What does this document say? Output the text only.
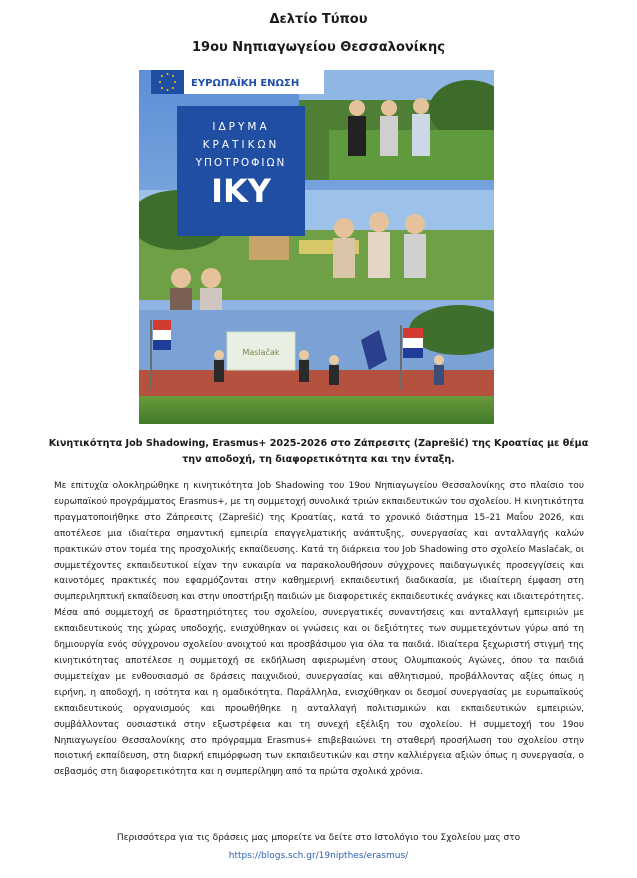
Δελτίο Τύπου
19ου Νηπιαγωγείου Θεσσαλονίκης
Maslačak
ΕΥΡΩΠΑΪΚΗ ΕΝΩΣΗ
ΙΔΡΥΜΑ
ΚΡΑΤΙΚΩΝ
ΥΠΟΤΡΟΦΙΩΝ
IKY
Κινητικότητα Job Shadowing, Erasmus+ 2025-2026 στο Ζάπρεσιτς (Zaprešić) της Κροατίας με θέμα την αποδοχή, τη διαφορετικότητα και την ένταξη.

Με επιτυχία ολοκληρώθηκε η κινητικότητα Job Shadowing του 19ου Νηπιαγωγείου Θεσσαλονίκης στο πλαίσιο του ευρωπαϊκού προγράμματος Erasmus+, με τη συμμετοχή συνολικά τριών εκπαιδευτικών του σχολείου. Η κινητικότητα πραγματοποιήθηκε στο Ζάπρεσιτς (Zaprešić) της Κροατίας, κατά το χρονικό διάστημα 15–21 Μαΐου 2026, και αποτέλεσε μια ιδιαίτερα σημαντική εμπειρία επαγγελματικής ανάπτυξης, συνεργασίας και ανταλλαγής καλών πρακτικών στον τομέα της προσχολικής εκπαίδευσης. Κατά τη διάρκεια του Job Shadowing στο σχολείο Maslačak, οι συμμετέχοντες εκπαιδευτικοί είχαν την ευκαιρία να παρακολουθήσουν σύγχρονες παιδαγωγικές προσεγγίσεις και καινοτόμες πρακτικές που εφαρμόζονται στην καθημερινή εκπαιδευτική διαδικασία, με ιδιαίτερη έμφαση στη συμπεριληπτική εκπαίδευση και στην υποστήριξη παιδιών με διαφορετικές εκπαιδευτικές ανάγκες και ιδιαιτερότητες. Μέσα από συμμετοχή σε δραστηριότητες του σχολείου, συνεργατικές συναντήσεις και ανταλλαγή εμπειριών με εκπαιδευτικούς της χώρας υποδοχής, ενισχύθηκαν οι γνώσεις και οι δεξιότητες των συμμετεχόντων γύρω από τη δημιουργία ενός σύγχρονου σχολείου ανοιχτού και προσβάσιμου για όλα τα παιδιά. Ιδιαίτερα ξεχωριστή στιγμή της κινητικότητας αποτέλεσε η συμμετοχή σε εκδήλωση αφιερωμένη στους Ολυμπιακούς Αγώνες, όπου τα παιδιά συμμετείχαν με ενθουσιασμό σε δράσεις παιχνιδιού, συνεργασίας και αθλητισμού, προβάλλοντας αξίες όπως η ειρήνη, η αποδοχή, η ισότητα και η ομαδικότητα. Παράλληλα, ενισχύθηκαν οι δεσμοί συνεργασίας με ευρωπαϊκούς εκπαιδευτικούς οργανισμούς και προωθήθηκε η ανταλλαγή πολιτισμικών και εκπαιδευτικών εμπειριών, συμβάλλοντας ουσιαστικά στην εξωστρέφεια και τη συνεχή εξέλιξη του σχολείου. Η συμμετοχή του 19ου Νηπιαγωγείου Θεσσαλονίκης στο πρόγραμμα Erasmus+ επιβεβαιώνει τη σταθερή προσήλωση του σχολείου στην ποιοτική εκπαίδευση, στη διαρκή επιμόρφωση των εκπαιδευτικών και στην καλλιέργεια αξιών όπως η συνεργασία, ο σεβασμός στη διαφορετικότητα και η συμπερίληψη από τα πρώτα σχολικά χρόνια.

Περισσότερα για τις δράσεις μας μπορείτε να δείτε στο Ιστολόγιο του Σχολείου μας στο
https://blogs.sch.gr/19nipthes/erasmus/
